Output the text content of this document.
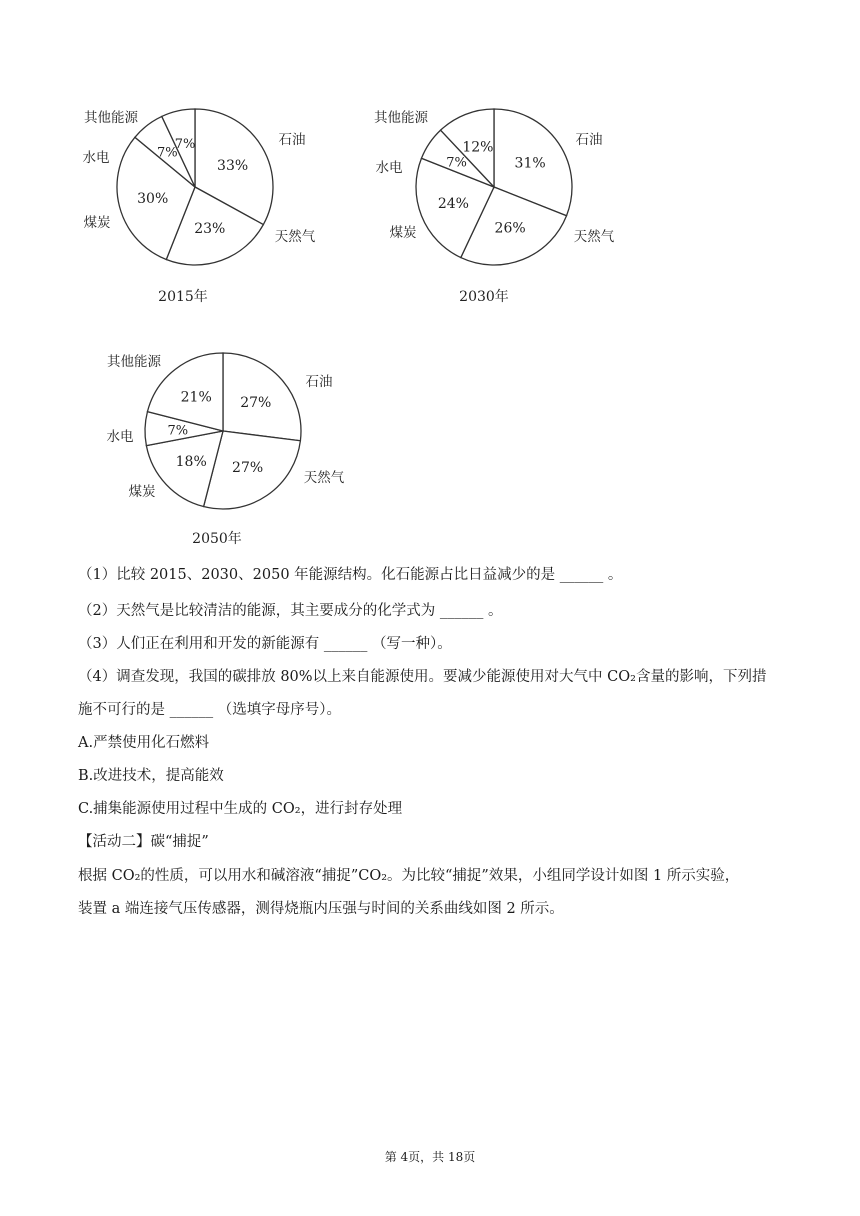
33%
石油
23%	天然气
30%
煤炭
7%
水电
7%
其他能源
2015年
31%
石油
26%
天然气
24%
煤炭
7%
水电
12%
其他能源
2030年
27%
石油
27%
天然气
18%
煤炭
7%
水电
21%
其他能源
2050年
（1）比较 2015、2030、2050 年能源结构。化石能源占比日益减少的是 ______ 。
（2）天然气是比较清洁的能源，其主要成分的化学式为 ______ 。
（3）人们正在利用和开发的新能源有 ______ （写一种）。
（4）调查发现，我国的碳排放 80%以上来自能源使用。要减少能源使用对大气中 CO₂含量的影响，下列措
施不可行的是 ______ （选填字母序号）。
A.严禁使用化石燃料
B.改进技术，提高能效
C.捕集能源使用过程中生成的 CO₂，进行封存处理
【活动二】碳“捕捉”
根据 CO₂的性质，可以用水和碱溶液“捕捉”CO₂。为比较“捕捉”效果，小组同学设计如图 1 所示实验，
装置 a 端连接气压传感器，测得烧瓶内压强与时间的关系曲线如图 2 所示。
第 4页，共 18页
